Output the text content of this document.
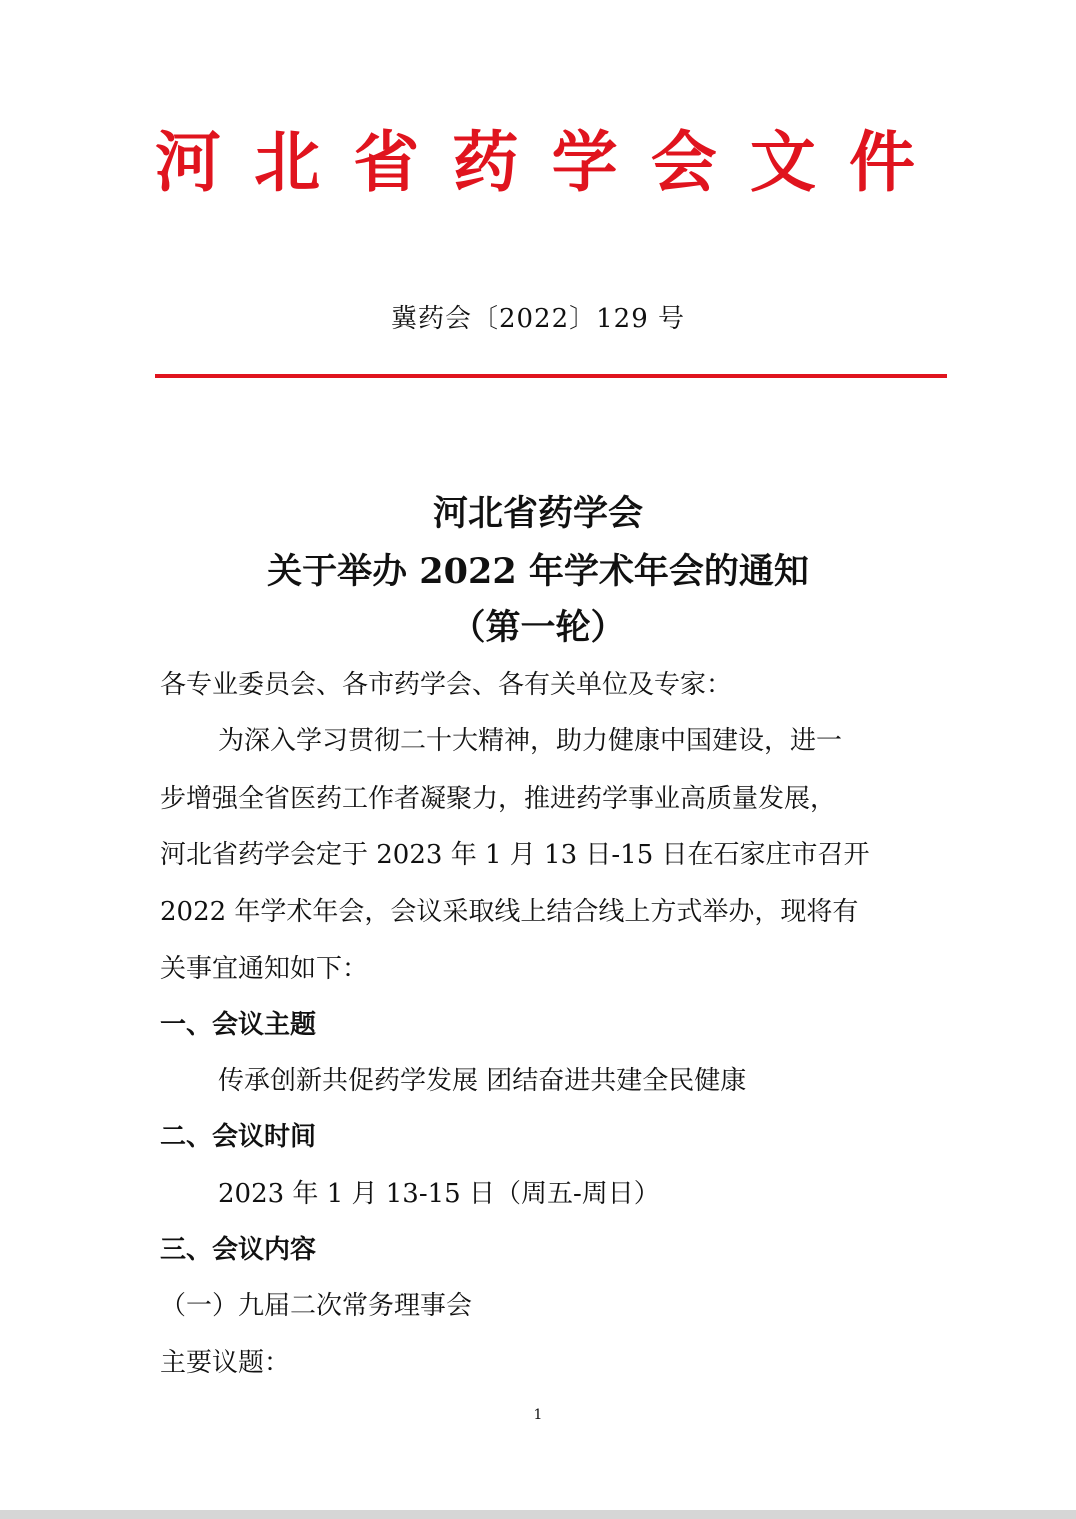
河 北 省 药 学 会 文 件
冀药会〔2022〕129 号
河北省药学会
关于举办 2022 年学术年会的通知
（第一轮）
各专业委员会、各市药学会、各有关单位及专家：
为深入学习贯彻二十大精神，助力健康中国建设，进一
步增强全省医药工作者凝聚力，推进药学事业高质量发展，
河北省药学会定于 2023 年 1 月 13 日-15 日在石家庄市召开
2022 年学术年会，会议采取线上结合线上方式举办，现将有
关事宜通知如下：
一、会议主题
传承创新共促药学发展 团结奋进共建全民健康
二、会议时间
2023 年 1 月 13-15 日（周五-周日）
三、会议内容
（一）九届二次常务理事会
主要议题：
1
